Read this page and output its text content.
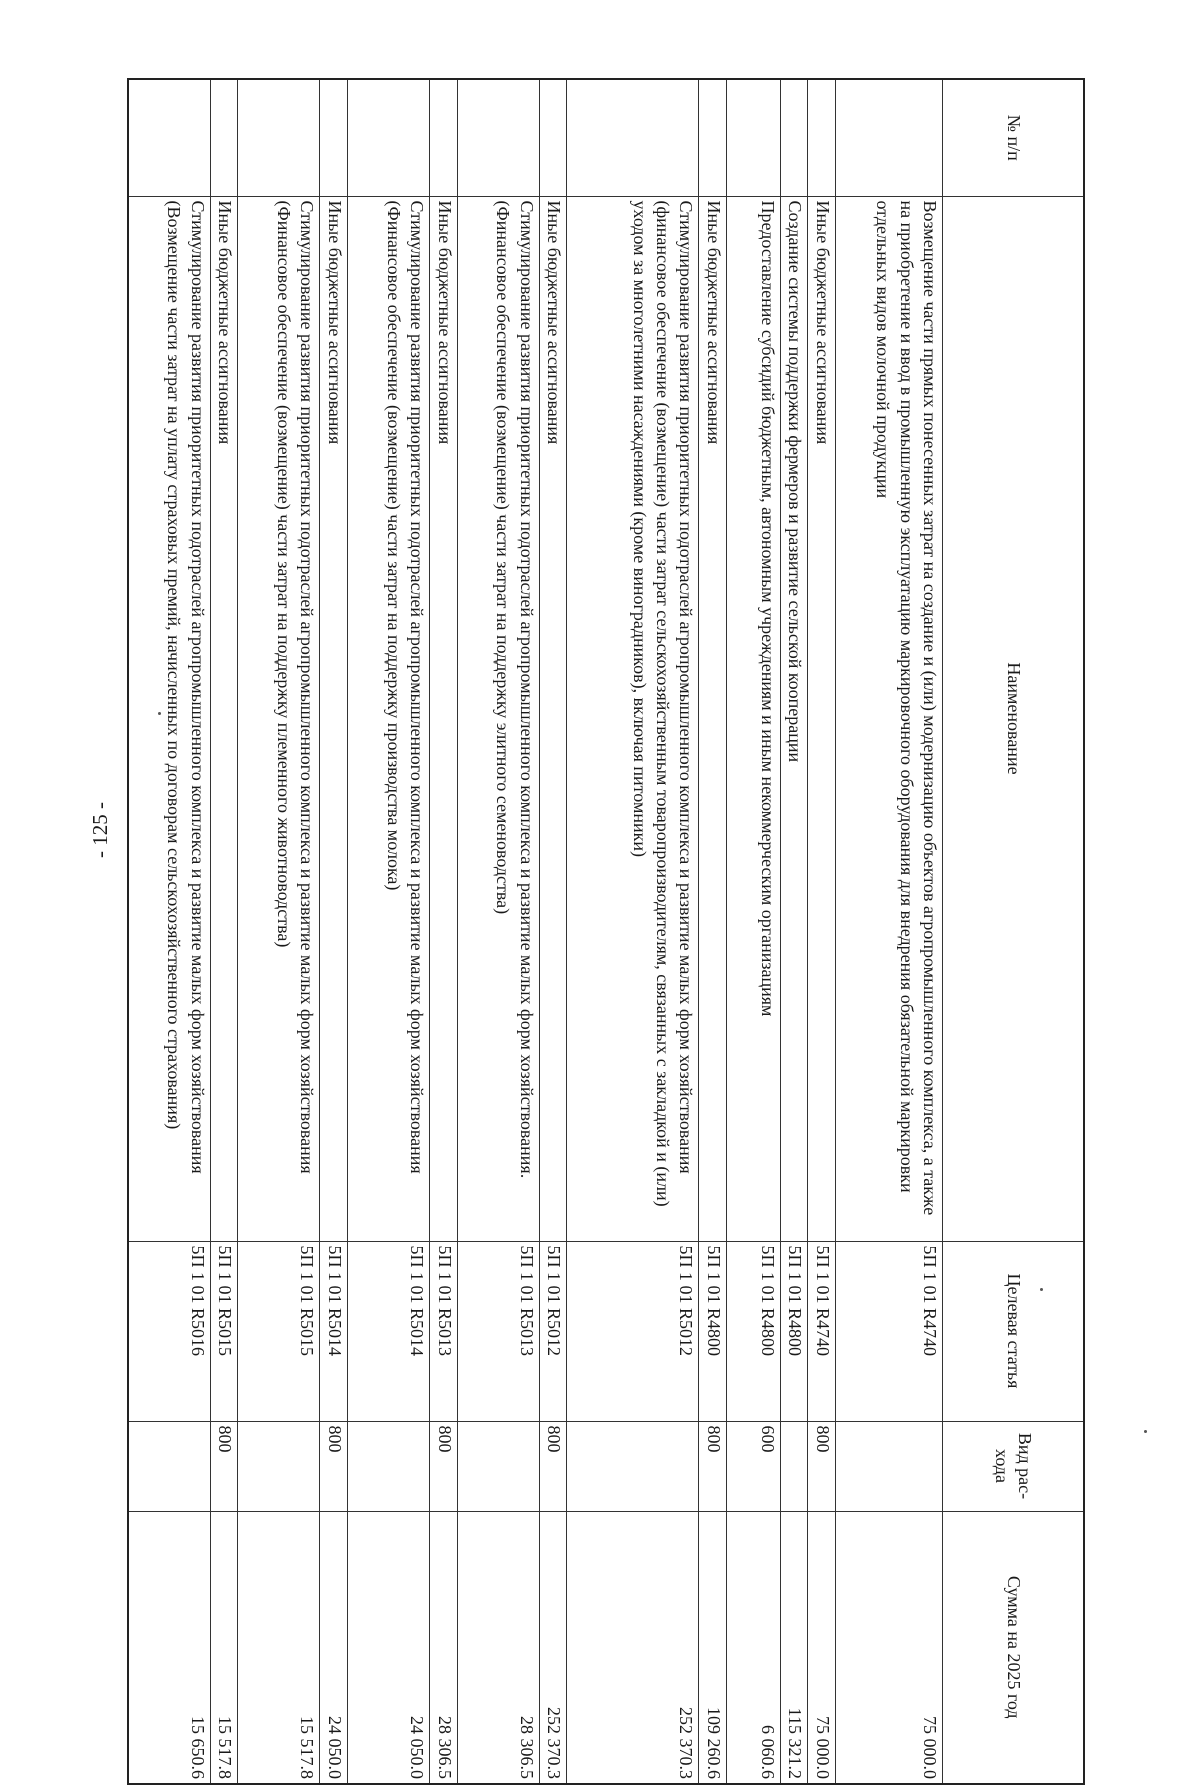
- 125 -
№ п/п	Наименование	Целевая статья	Вид рас-хода	Сумма на 2025 год
	Возмещение части прямых понесенных затрат на создание и (или) модернизацию объектов агропромышленного комплекса, а также на приобретение и ввод в промышленную эксплуатацию маркировочного оборудования для внедрения обязательной маркировки отдельных видов молочной продукции	5П 1 01 R4740		75 000.0
	Иные бюджетные ассигнования	5П 1 01 R4740	800	75 000.0
	Создание системы поддержки фермеров и развитие сельской кооперации	5П 1 01 R4800		115 321.2
	Предоставление субсидий бюджетным, автономным учреждениям и иным некоммерческим организациям	5П 1 01 R4800	600	6 060.6
	Иные бюджетные ассигнования	5П 1 01 R4800	800	109 260.6
	Стимулирование развития приоритетных подотраслей агропромышленного комплекса и развитие малых форм хозяйствования (финансовое обеспечение (возмещение) части затрат сельскохозяйственным товаропроизводителям, связанных с закладкой и (или) уходом за многолетними насаждениями (кроме виноградников), включая питомники)	5П 1 01 R5012		252 370.3
	Иные бюджетные ассигнования	5П 1 01 R5012	800	252 370.3
	Стимулирование развития приоритетных подотраслей агропромышленного комплекса и развитие малых форм хозяйствования. (Финансовое обеспечение (возмещение) части затрат на поддержку элитного семеноводства)	5П 1 01 R5013		28 306.5
	Иные бюджетные ассигнования	5П 1 01 R5013	800	28 306.5
	Стимулирование развития приоритетных подотраслей агропромышленного комплекса и развитие малых форм хозяйствования (Финансовое обеспечение (возмещение) части затрат на поддержку производства молока)	5П 1 01 R5014		24 050.0
	Иные бюджетные ассигнования	5П 1 01 R5014	800	24 050.0
	Стимулирование развития приоритетных подотраслей агропромышленного комплекса и развитие малых форм хозяйствования (Финансовое обеспечение (возмещение) части затрат на поддержку племенного животноводства)	5П 1 01 R5015		15 517.8
	Иные бюджетные ассигнования	5П 1 01 R5015	800	15 517.8
	Стимулирование развития приоритетных подотраслей агропромышленного комплекса и развитие малых форм хозяйствования (Возмещение части затрат на уплату страховых премий, начисленных по договорам сельскохозяйственного страхования)	5П 1 01 R5016		15 650.6
